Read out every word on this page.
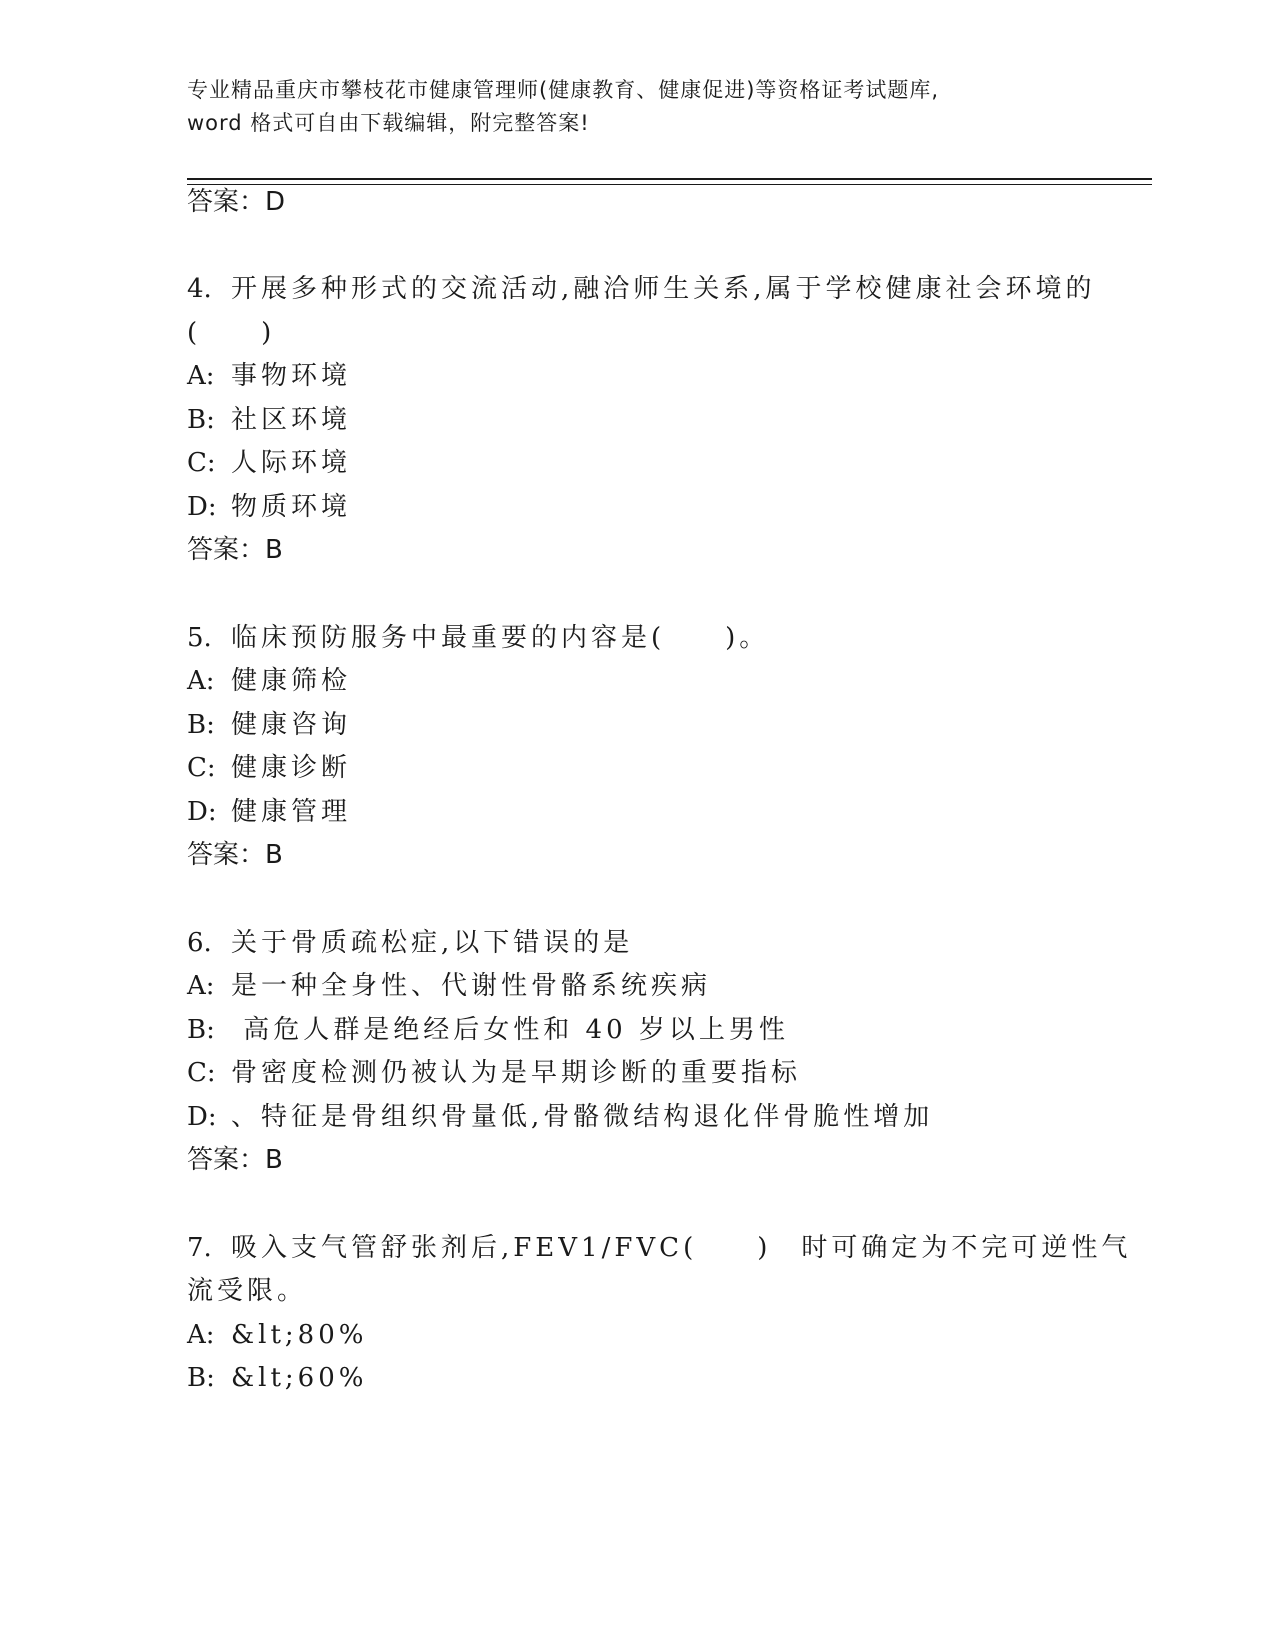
专业精品重庆市攀枝花市健康管理师(健康教育、健康促进)等资格证考试题库,
word 格式可自由下载编辑，附完整答案!
答案：D
4. 开展多种形式的交流活动,融洽师生关系,属于学校健康社会环境的
(　　)
A: 事物环境
B: 社区环境
C: 人际环境
D: 物质环境
答案：B
5. 临床预防服务中最重要的内容是(　　)。
A: 健康筛检
B: 健康咨询
C: 健康诊断
D: 健康管理
答案：B
6. 关于骨质疏松症,以下错误的是
A: 是一种全身性、代谢性骨骼系统疾病
B: 高危人群是绝经后女性和 40 岁以上男性
C: 骨密度检测仍被认为是早期诊断的重要指标
D: 、特征是骨组织骨量低,骨骼微结构退化伴骨脆性增加
答案：B
7. 吸入支气管舒张剂后,FEV1/FVC(　　)　时可确定为不完可逆性气
流受限。
A: &lt;80%
B: &lt;60%
